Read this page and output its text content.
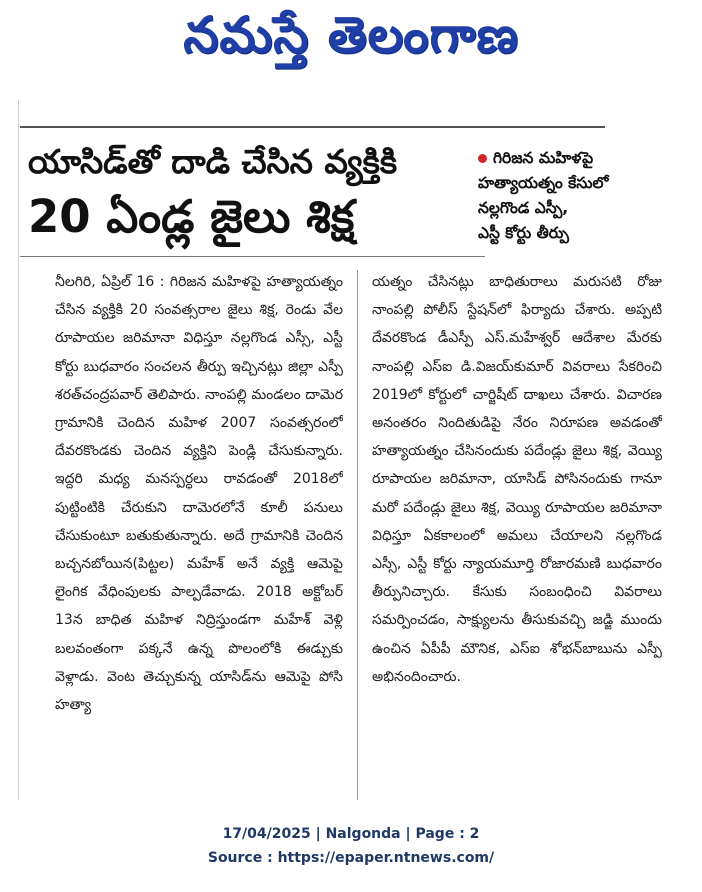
నమస్తే తెలంగాణ
యాసిడ్‌తో దాడి చేసిన వ్యక్తికి
20 ఏండ్ల జైలు శిక్ష
గిరిజన మహిళపై
హత్యాయత్నం కేసులో
నల్లగొండ ఎస్పీ,
ఎస్టీ కోర్టు తీర్పు
నీలగిరి, ఏప్రిల్ 16 : గిరిజన మహిళపై హత్యాయత్నం చేసిన వ్యక్తికి 20 సంవత్సరాల జైలు శిక్ష, రెండు వేల రూపాయల జరిమానా విధిస్తూ నల్లగొండ ఎస్సీ, ఎస్టీ కోర్టు బుధవారం సంచలన తీర్పు ఇచ్చినట్లు జిల్లా ఎస్పీ శరత్‌చంద్రపవార్ తెలిపారు. నాంపల్లి మండలం దామెర గ్రామానికి చెందిన మహిళ 2007 సంవత్సరంలో దేవరకొండకు చెందిన వ్యక్తిని పెండ్లి చేసుకున్నారు. ఇద్దరి మధ్య మనస్పర్ధలు రావడంతో 2018లో పుట్టింటికి చేరుకుని దామెరలోనే కూలీ పనులు చేసుకుంటూ బతుకుతున్నారు. అదే గ్రామానికి చెందిన బచ్చనబోయిన(పిట్టల) మహేశ్ అనే వ్యక్తి ఆమెపై లైంగిక వేధింపులకు పాల్పడేవాడు. 2018 అక్టోబర్ 13న బాధిత మహిళ నిద్రిస్తుండగా మహేశ్ వెళ్లి బలవంతంగా పక్కనే ఉన్న పొలంలోకి ఈడ్చుకు వెళ్లాడు. వెంట తెచ్చుకున్న యాసిడ్‌ను ఆమెపై పోసి హత్యా
యత్నం చేసినట్లు బాధితురాలు మరుసటి రోజు నాంపల్లి పోలీస్ స్టేషన్‌లో ఫిర్యాదు చేశారు. అప్పటి దేవరకొండ డీఎస్పీ ఎస్.మహేశ్వర్ ఆదేశాల మేరకు నాంపల్లి ఎస్‌ఐ డి.విజయ్‌కుమార్ వివరాలు సేకరించి 2019లో కోర్టులో చార్జిషీట్ దాఖలు చేశారు. విచారణ అనంతరం నిందితుడిపై నేరం నిరూపణ అవడంతో హత్యాయత్నం చేసినందుకు పదేండ్లు జైలు శిక్ష, వెయ్యి రూపాయల జరిమానా, యాసిడ్ పోసినందుకు గానూ మరో పదేండ్లు జైలు శిక్ష, వెయ్యి రూపాయల జరిమానా విధిస్తూ ఏకకాలంలో అమలు చేయాలని నల్లగొండ ఎస్సీ, ఎస్టీ కోర్టు న్యాయమూర్తి రోజారమణి బుధవారం తీర్పునిచ్చారు. కేసుకు సంబంధించి వివరాలు సమర్పించడం, సాక్ష్యులను తీసుకువచ్చి జడ్జి ముందు ఉంచిన ఏపీపీ మౌనిక, ఎస్‌ఐ శోభన్‌బాబును ఎస్పీ అభినందించారు.
17/04/2025 | Nalgonda | Page : 2
Source : https://epaper.ntnews.com/
